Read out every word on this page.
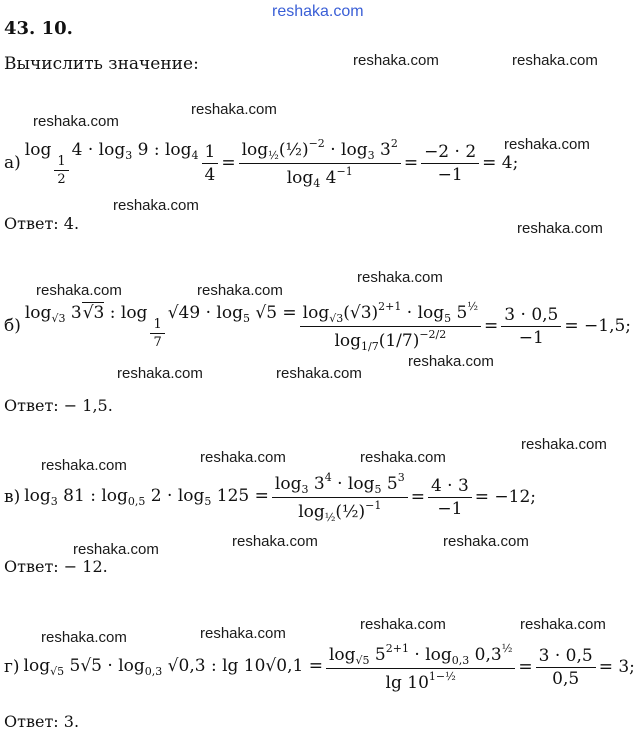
reshaka.com
reshaka.com	reshaka.com
reshaka.com
reshaka.com
reshaka.com
reshaka.com
reshaka.com
reshaka.com
reshaka.com	reshaka.com
reshaka.com
reshaka.com	reshaka.com
reshaka.com
reshaka.com	reshaka.com
reshaka.com
reshaka.com	reshaka.com
reshaka.com
reshaka.com	reshaka.com
reshaka.com
reshaka.com
43. 10.
Вычислить значение:
а)
log
$\frac{1}{2}$
$4 \cdot \log_3 9$ : $\log_4 \frac{1}{4} = \frac{\log_{\frac{1}{2}}(\frac{1}{2})^{-2} \cdot \log_3 3^2}{\log_4 4^{-1}} = \frac{-2 \cdot 2}{-1} = 4$;
Ответ: 4.
б)
$\log_{√3} 3√3$ : log
$\frac{1}{7}$
$√49 \cdot \log_5 √5 = \frac{\log_{√3}(√3)^{2+1} \cdot \log_5 5^{\frac{1}{2}}}{\log_{1/7}(1/7)^{-2/2}} = \frac{3 \cdot 0,5}{-1} = -1,5$;
Ответ: − 1,5.
в) $\log_3 81$ : $\log_{0,5} 2 \cdot \log_5 125 = \frac{\log_3 3^4 \cdot \log_5 5^3}{\log_{\frac{1}{2}}(\frac{1}{2})^{-1}} = \frac{4 \cdot 3}{-1} = -12$;
Ответ: − 12.
г) $\log_{√5} 5√5 \cdot \log_{0,3} √0,3$ : $\lg 10√0,1 = \frac{\log_{√5} 5^{2+1} \cdot \log_{0,3} 0,3^{\frac{1}{2}}}{\lg 10^{1-\frac{1}{2}}} = \frac{3 \cdot 0,5}{0,5} = 3$;
Ответ: 3.
